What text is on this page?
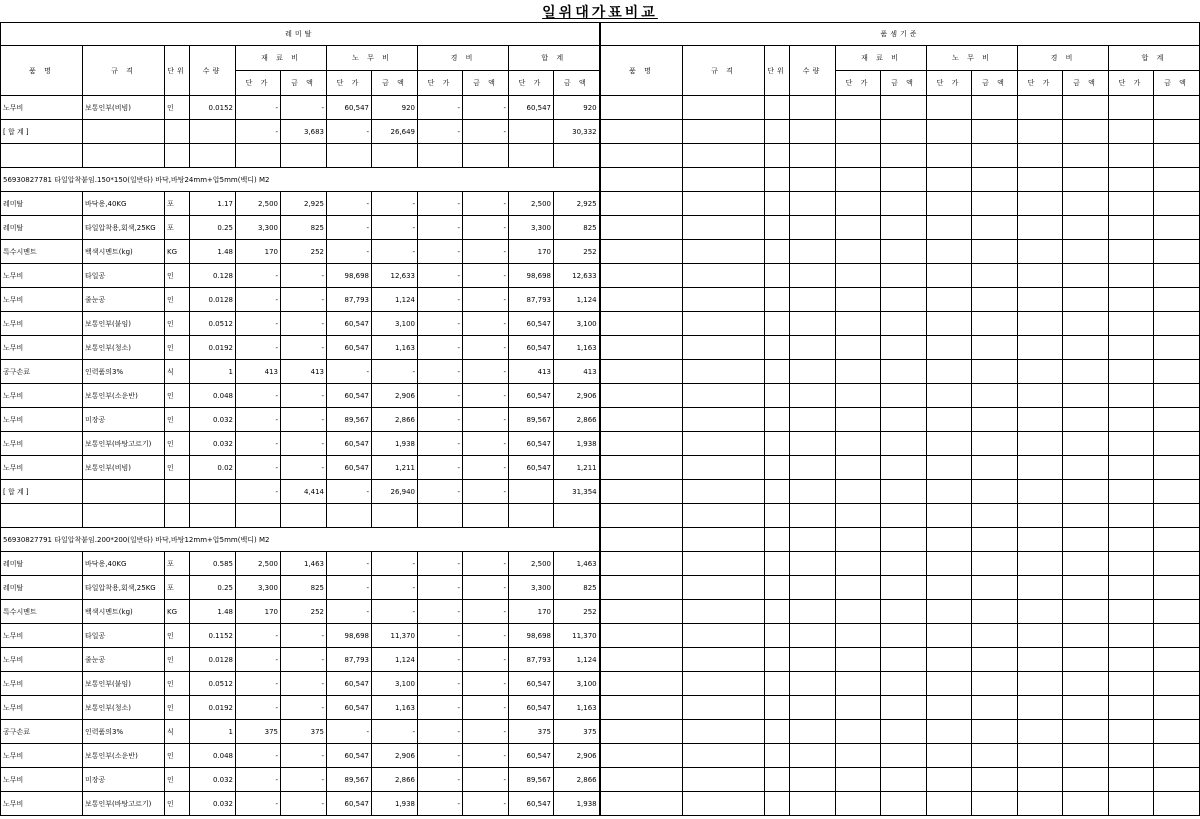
일위대가표비교
레미탈											
품 명	규 격	단위	수량	재 료 비		노 무 비		경 비		합 계	
				단 가	금 액	단 가	금 액	단 가	금 액	단 가	금 액
노무비	보통인부(비빔)	인	0.0152	-	-	60,547	920	-	-	60,547	920
[ 합 계 ]				-	3,683	-	26,649	-	-		30,332

56930827781 타일압착붙임.150*150(일반타) 바닥,바탕24mm+압5mm(백디) M2											
레미탈	바닥용,40KG	포	1.17	2,500	2,925	-	-	-	-	2,500	2,925
레미탈	타일압착용,회색,25KG	포	0.25	3,300	825	-	-	-	-	3,300	825
특수시멘트	백색시멘트(kg)	KG	1.48	170	252	-	-	-	-	170	252
노무비	타일공	인	0.128	-	-	98,698	12,633	-	-	98,698	12,633
노무비	줄눈공	인	0.0128	-	-	87,793	1,124	-	-	87,793	1,124
노무비	보통인부(붙임)	인	0.0512	-	-	60,547	3,100	-	-	60,547	3,100
노무비	보통인부(청소)	인	0.0192	-	-	60,547	1,163	-	-	60,547	1,163
공구손료	인력품의3%	식	1	413	413	-	-	-	-	413	413
노무비	보통인부(소운반)	인	0.048	-	-	60,547	2,906	-	-	60,547	2,906
노무비	미장공	인	0.032	-	-	89,567	2,866	-	-	89,567	2,866
노무비	보통인부(바탕고르기)	인	0.032	-	-	60,547	1,938	-	-	60,547	1,938
노무비	보통인부(비빔)	인	0.02	-	-	60,547	1,211	-	-	60,547	1,211
[ 합 계 ]				-	4,414	-	26,940	-	-		31,354

56930827791 타일압착붙임.200*200(일반타) 바닥,바탕12mm+압5mm(백디) M2											
레미탈	바닥용,40KG	포	0.585	2,500	1,463	-	-	-	-	2,500	1,463
레미탈	타일압착용,회색,25KG	포	0.25	3,300	825	-	-	-	-	3,300	825
특수시멘트	백색시멘트(kg)	KG	1.48	170	252	-	-	-	-	170	252
노무비	타일공	인	0.1152	-	-	98,698	11,370	-	-	98,698	11,370
노무비	줄눈공	인	0.0128	-	-	87,793	1,124	-	-	87,793	1,124
노무비	보통인부(붙임)	인	0.0512	-	-	60,547	3,100	-	-	60,547	3,100
노무비	보통인부(청소)	인	0.0192	-	-	60,547	1,163	-	-	60,547	1,163
공구손료	인력품의3%	식	1	375	375	-	-	-	-	375	375
노무비	보통인부(소운반)	인	0.048	-	-	60,547	2,906	-	-	60,547	2,906
노무비	미장공	인	0.032	-	-	89,567	2,866	-	-	89,567	2,866
노무비	보통인부(바탕고르기)	인	0.032	-	-	60,547	1,938	-	-	60,547	1,938
품셈기준											
품 명	규 격	단위	수량	재 료 비		노 무 비		경 비		합 계	
				단 가	금 액	단 가	금 액	단 가	금 액	단 가	금 액
